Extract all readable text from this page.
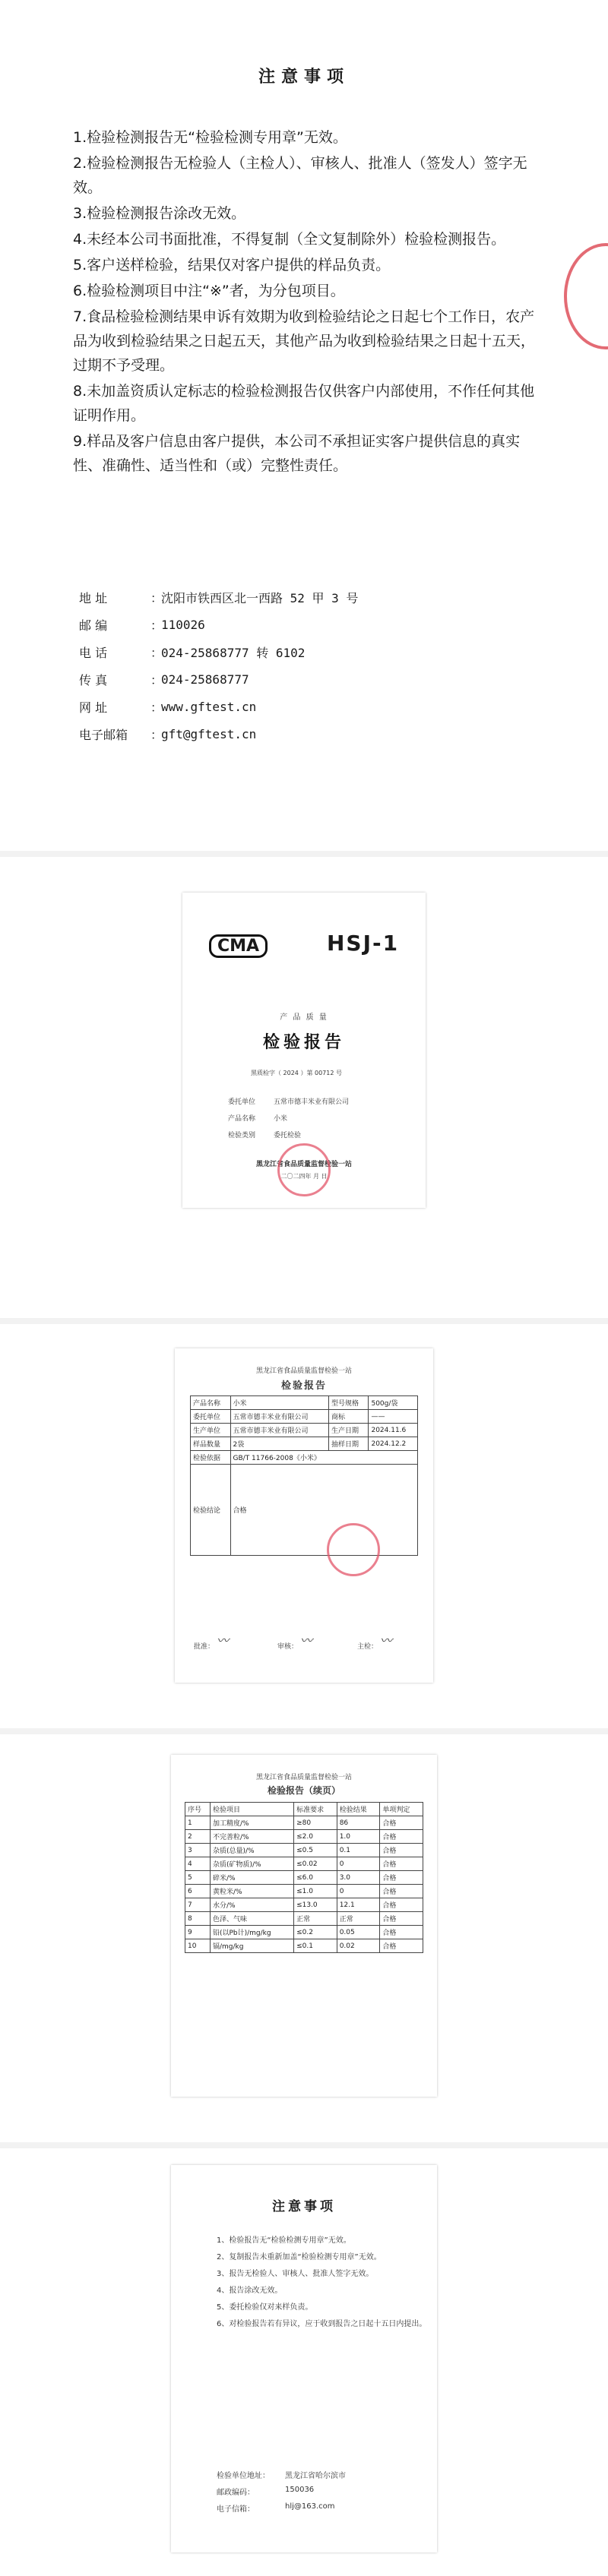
注意事项
1.检验检测报告无“检验检测专用章”无效。
2.检验检测报告无检验人（主检人）、审核人、批准人（签发人）签字无效。
3.检验检测报告涂改无效。
4.未经本公司书面批准，不得复制（全文复制除外）检验检测报告。
5.客户送样检验，结果仅对客户提供的样品负责。
6.检验检测项目中注“※”者，为分包项目。
7.食品检验检测结果申诉有效期为收到检验结论之日起七个工作日，农产品为收到检验结果之日起五天，其他产品为收到检验结果之日起十五天，过期不予受理。
8.未加盖资质认定标志的检验检测报告仅供客户内部使用，不作任何其他证明作用。
9.样品及客户信息由客户提供，本公司不承担证实客户提供信息的真实性、准确性、适当性和（或）完整性责任。
地 址	：
沈阳市铁西区北一西路 52 甲 3 号
邮 编	：
110026
电 话	：
024-25868777 转 6102
传 真	：
024-25868777
网 址	：
www.gftest.cn
电子邮箱	：
gft@gftest.cn
CMA	HSJ-1
产 品 质 量
检验报告
黑质检字（ 2024 ）第 00712 号
委托单位	五常市德丰米业有限公司
产品名称	小米
检验类别	委托检验
黑龙江省食品质量监督检验一站
二〇二四年 月 日
黑龙江省食品质量监督检验一站
检验报告
产品名称	小米	型号规格	500g/袋
委托单位	五常市德丰米业有限公司	商标	——
生产单位	五常市德丰米业有限公司	生产日期	2024.11.6
样品数量	2袋	抽样日期	2024.12.2
检验依据	GB/T 11766-2008《小米》		
检验结论	合格		
批准：	审核：	主检：
〰	〰	〰
黑龙江省食品质量监督检验一站
检验报告（续页）
序号	检验项目	标准要求	检验结果	单项判定
1	加工精度/%	≥80	86	合格
2	不完善粒/%	≤2.0	1.0	合格
3	杂质(总量)/%	≤0.5	0.1	合格
4	杂质(矿物质)/%	≤0.02	0	合格
5	碎米/%	≤6.0	3.0	合格
6	黄粒米/%	≤1.0	0	合格
7	水分/%	≤13.0	12.1	合格
8	色泽、气味	正常	正常	合格
9	铅(以Pb计)/mg/kg	≤0.2	0.05	合格
10	镉/mg/kg	≤0.1	0.02	合格
注意事项
1、检验报告无“检验检测专用章”无效。
2、复制报告未重新加盖“检验检测专用章”无效。
3、报告无检验人、审核人、批准人签字无效。
4、报告涂改无效。
5、委托检验仅对来样负责。
6、对检验报告若有异议，应于收到报告之日起十五日内提出。
检验单位地址： 黑龙江省哈尔滨市
邮政编码：	150036
电子信箱：	hlj@163.com
